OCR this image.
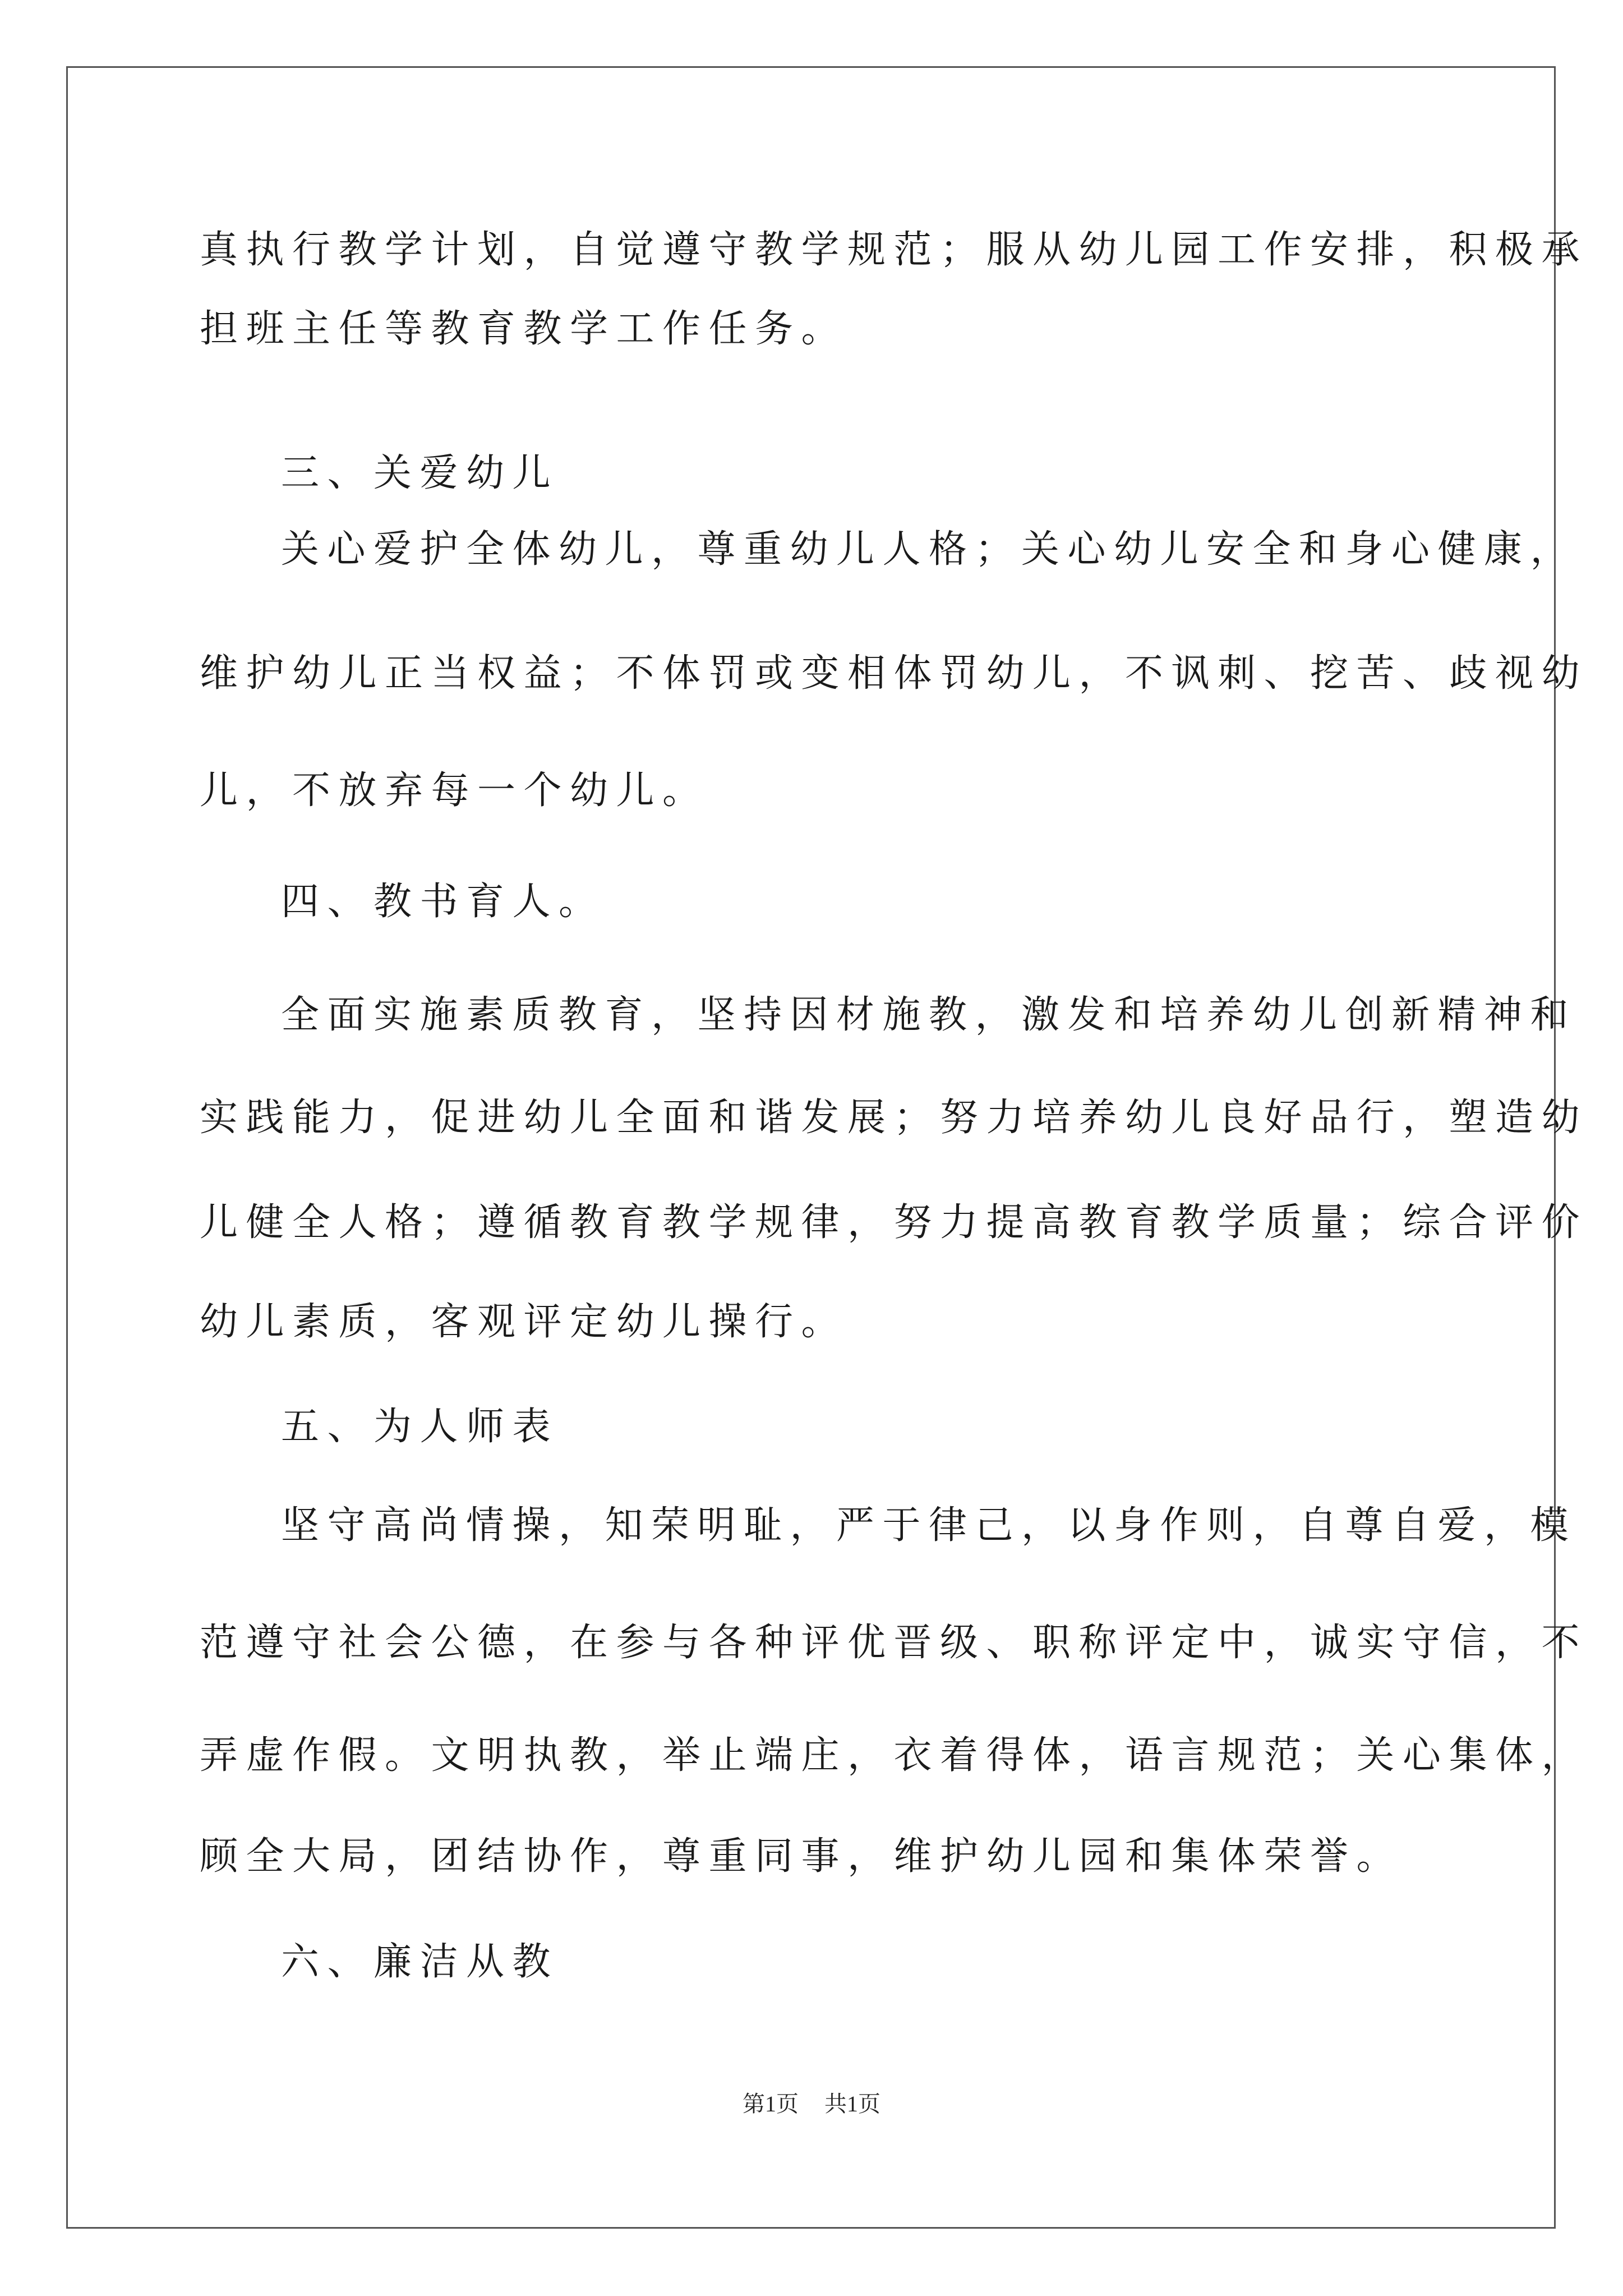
真执行教学计划，自觉遵守教学规范；服从幼儿园工作安排，积极承
担班主任等教育教学工作任务。
三、关爱幼儿
关心爱护全体幼儿，尊重幼儿人格；关心幼儿安全和身心健康，
维护幼儿正当权益；不体罚或变相体罚幼儿，不讽刺、挖苦、歧视幼
儿，不放弃每一个幼儿。
四、教书育人。
全面实施素质教育，坚持因材施教，激发和培养幼儿创新精神和
实践能力，促进幼儿全面和谐发展；努力培养幼儿良好品行，塑造幼
儿健全人格；遵循教育教学规律，努力提高教育教学质量；综合评价
幼儿素质，客观评定幼儿操行。
五、为人师表
坚守高尚情操，知荣明耻，严于律己，以身作则，自尊自爱，模
范遵守社会公德，在参与各种评优晋级、职称评定中，诚实守信，不
弄虚作假。文明执教，举止端庄，衣着得体，语言规范；关心集体，
顾全大局，团结协作，尊重同事，维护幼儿园和集体荣誉。
六、廉洁从教
第1页 共1页
